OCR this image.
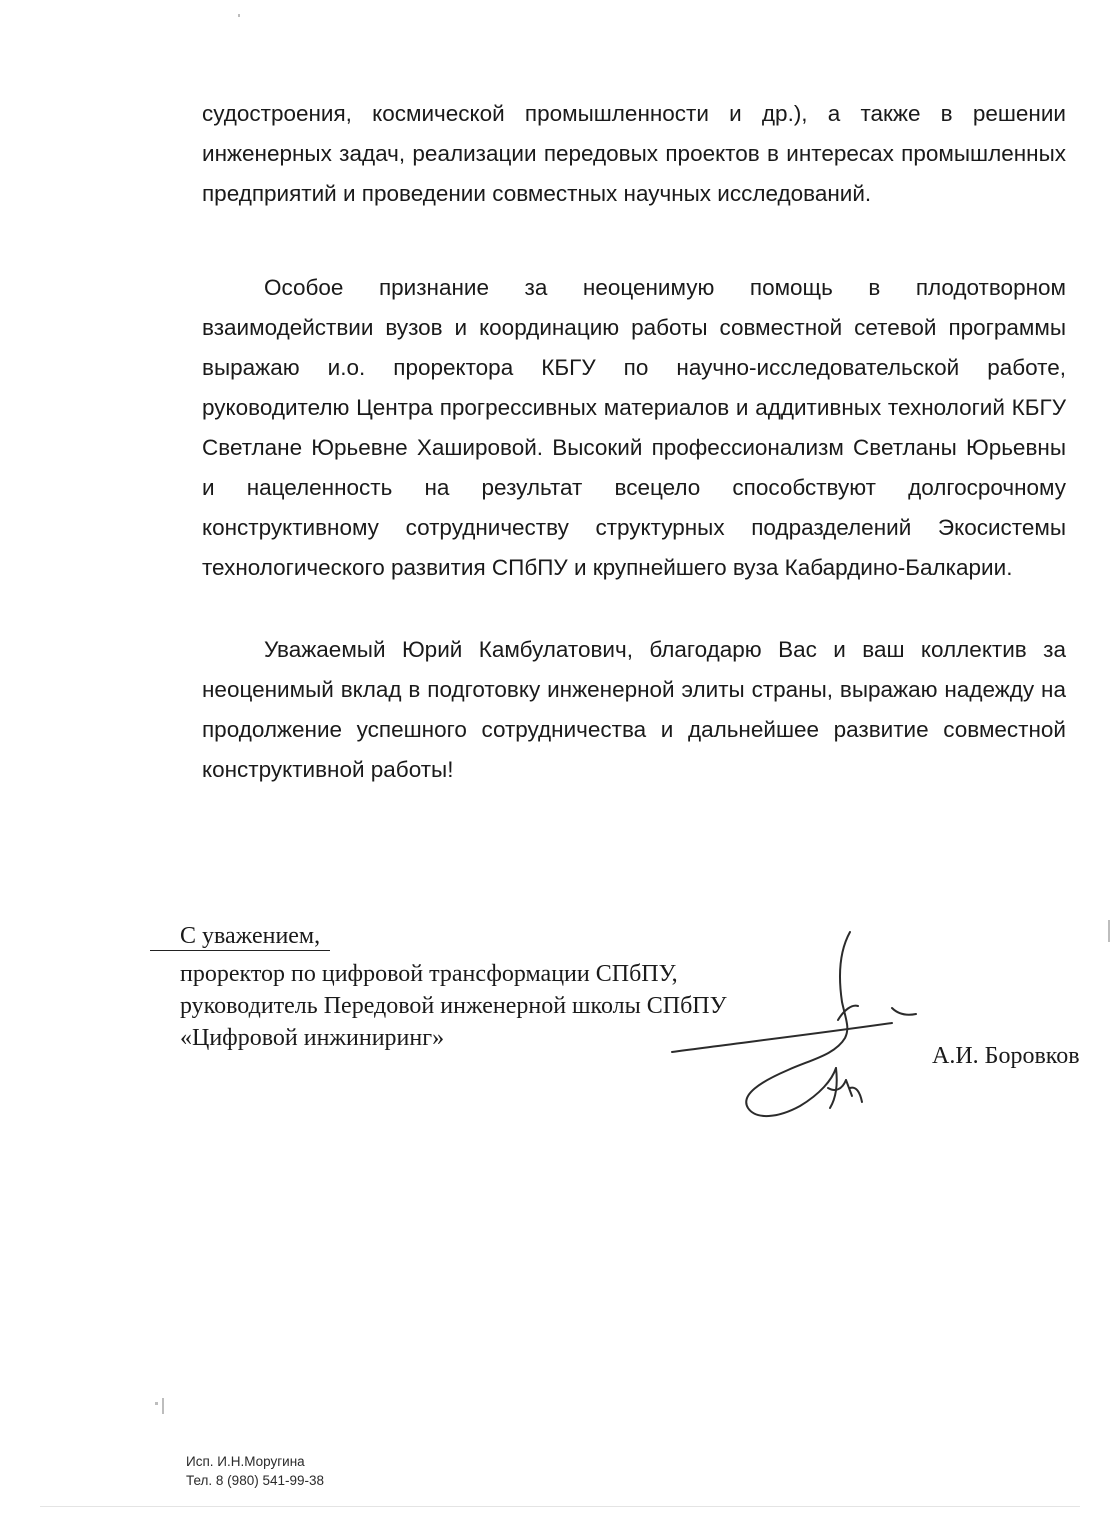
судостроения, космической промышленности и др.), а также в решении инженерных задач, реализации передовых проектов в интересах промышленных предприятий и проведении совместных научных исследований.

Особое признание за неоценимую помощь в плодотворном взаимодействии вузов и координацию работы совместной сетевой программы выражаю и.о. проректора КБГУ по научно-исследовательской работе, руководителю Центра прогрессивных материалов и аддитивных технологий КБГУ Светлане Юрьевне Хашировой. Высокий профессионализм Светланы Юрьевны и нацеленность на результат всецело способствуют долгосрочному конструктивному сотрудничеству структурных подразделений Экосистемы технологического развития СПбПУ и крупнейшего вуза Кабардино-Балкарии.

Уважаемый Юрий Камбулатович, благодарю Вас и ваш коллектив за неоценимый вклад в подготовку инженерной элиты страны, выражаю надежду на продолжение успешного сотрудничества и дальнейшее развитие совместной конструктивной работы!

С уважением,
проректор по цифровой трансформации СПбПУ,
руководитель Передовой инженерной школы СПбПУ
«Цифровой инжиниринг»
А.И. Боровков
Исп. И.Н.Моругина
Тел. 8 (980) 541-99-38
